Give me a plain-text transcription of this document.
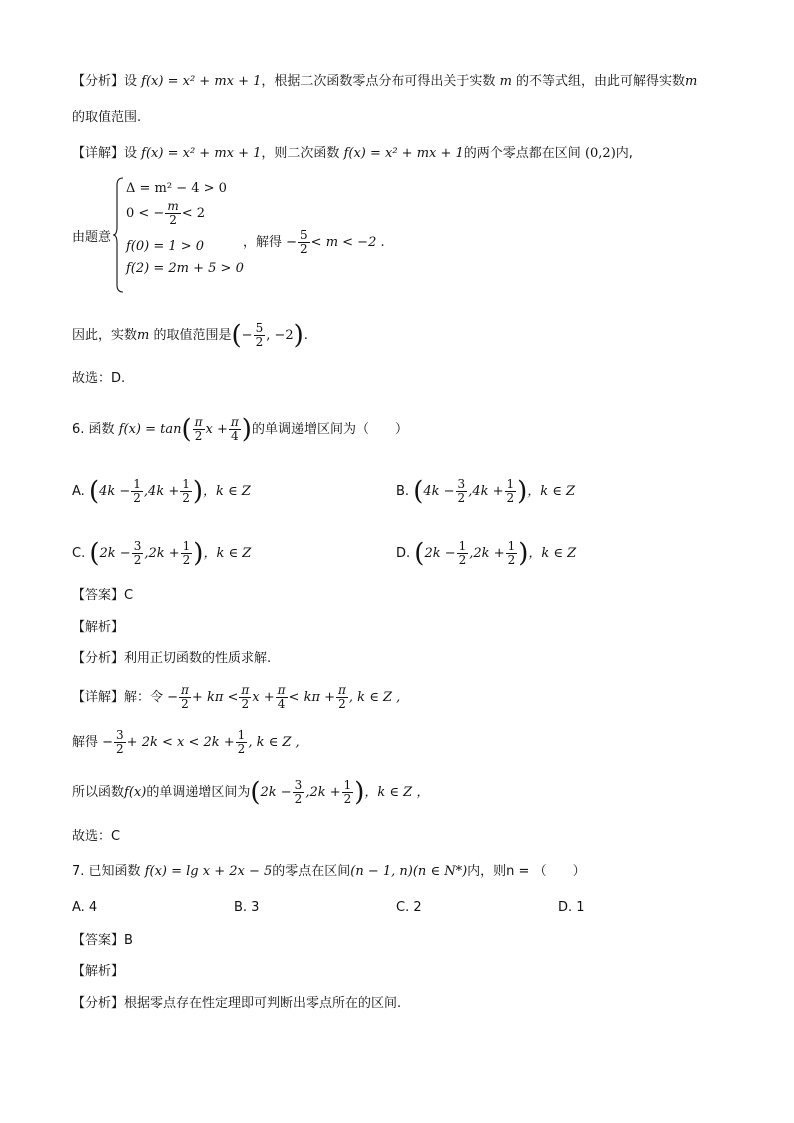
【分析】设 f(x) = x² + mx + 1，根据二次函数零点分布可得出关于实数 m 的不等式组，由此可解得实数m
的取值范围.
【详解】设 f(x) = x² + mx + 1，则二次函数 f(x) = x² + mx + 1的两个零点都在区间 (0,2)内,
由题意
Δ = m² − 4 > 0
0 < − $\frac{m}{2} < 2$
f(0) = 1 > 0
f(2) = 2m + 5 > 0
，解得 − $\frac{5}{2} < m < -2$ .
因此，实数m 的取值范围是(− $\frac{5}{2}$ , −2).
故选：D.
6. 函数 $f(x) = \tan( \frac{\pi}{2}$ $x + \frac{\pi}{4}$ )的单调递增区间为（　　）
A. ($4k - \frac{1}{2} ,4k + \frac{1}{2}$ )，k ∈ Z	B. ($4k - \frac{3}{2} ,4k + \frac{1}{2}$ )，k ∈ Z
C. ($2k - \frac{3}{2} ,2k + \frac{1}{2}$ )，k ∈ Z	D. ($2k - \frac{1}{2} ,2k + \frac{1}{2}$ )，k ∈ Z
【答案】C
【解析】
【分析】利用正切函数的性质求解.
【详解】解：令 − $\frac{\pi}{2} + k\pi < \frac{\pi}{2}$ $x + \frac{\pi}{4} < k\pi + \frac{\pi}{2}$ , k ∈ Z ,
解得 − $\frac{3}{2} + 2k < x < 2k + \frac{1}{2}$ , k ∈ Z ,
所以函数f(x)的单调递增区间为($2k - \frac{3}{2} ,2k + \frac{1}{2}$ )，k ∈ Z ，
故选：C
7. 已知函数 f(x) = lg x + 2x − 5的零点在区间(n − 1, n)(n ∈ N*)内，则n = （　　）
A. 4	B. 3	C. 2	D. 1
【答案】B
【解析】
【分析】根据零点存在性定理即可判断出零点所在的区间.
